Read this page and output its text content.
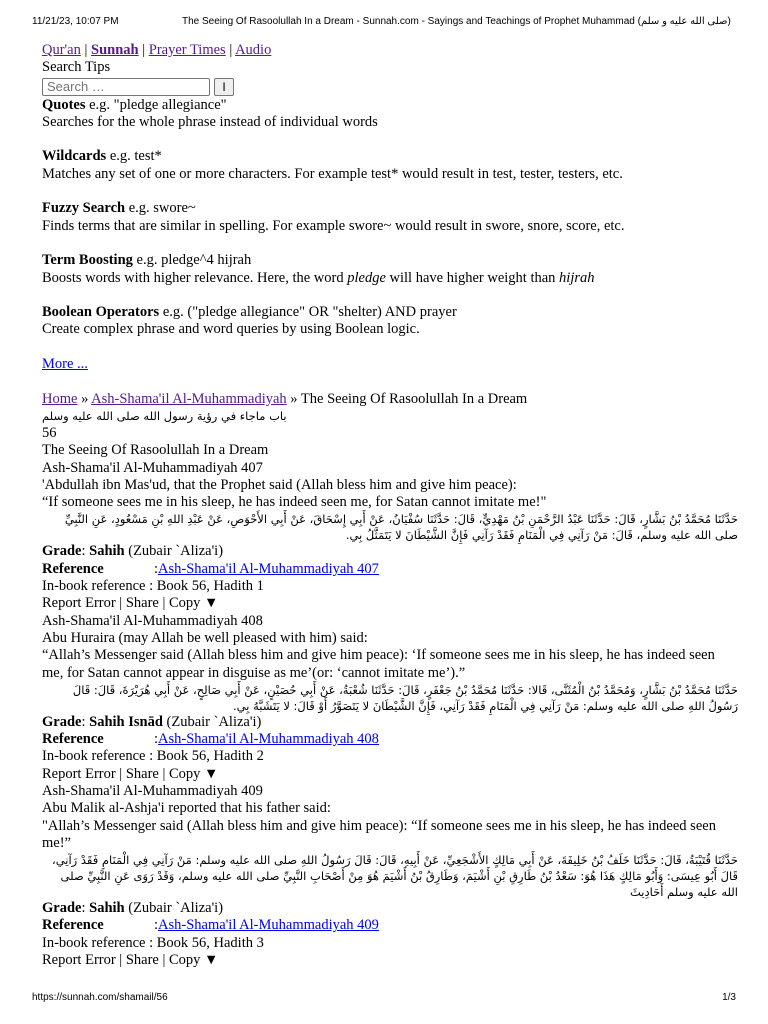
11/21/23, 10:07 PM	The Seeing Of Rasoolullah In a Dream - Sunnah.com - Sayings and Teachings of Prophet Muhammad (صلى الله عليه و سلم)
Qur'an | Sunnah | Prayer Times | Audio
Search Tips
Search …
I
Quotes e.g. "pledge allegiance"
Searches for the whole phrase instead of individual words
Wildcards e.g. test*
Matches any set of one or more characters. For example test* would result in test, tester, testers, etc.
Fuzzy Search e.g. swore~
Finds terms that are similar in spelling. For example swore~ would result in swore, snore, score, etc.
Term Boosting e.g. pledge^4 hijrah
Boosts words with higher relevance. Here, the word pledge will have higher weight than hijrah
Boolean Operators e.g. ("pledge allegiance" OR "shelter) AND prayer
Create complex phrase and word queries by using Boolean logic.
More ...
Home » Ash-Shama'il Al-Muhammadiyah » The Seeing Of Rasoolullah In a Dream
باب ماجاء في رؤية رسول الله صلى الله عليه وسلم
56
The Seeing Of Rasoolullah In a Dream
Ash-Shama'il Al-Muhammadiyah 407
'Abdullah ibn Mas'ud, that the Prophet said (Allah bless him and give him peace):
“If someone sees me in his sleep, he has indeed seen me, for Satan cannot imitate me!"
حَدَّثَنَا مُحَمَّدُ بْنُ بَشَّارٍ، قَالَ: حَدَّثَنَا عَبْدُ الرَّحْمَنِ بْنُ مَهْدِيٍّ، قَالَ: حَدَّثَنَا سُفْيَانُ، عَنْ أَبِي إِسْحَاقَ، عَنْ أَبِي الأَحْوَصِ، عَنْ عَبْدِ اللهِ بْنِ مَسْعُودٍ، عَنِ النَّبِيِّ صلى الله عليه وسلم، قَالَ: مَنْ رَآنِي فِي الْمَنَامِ فَقَدْ رَآنِي فَإِنَّ الشَّيْطَانَ لا يَتَمَثَّلُ بِي.
Grade: Sahih (Zubair `Aliza'i)
Reference	: Ash-Shama'il Al-Muhammadiyah 407
In-book reference : Book 56, Hadith 1
Report Error | Share | Copy ▼
Ash-Shama'il Al-Muhammadiyah 408
Abu Huraira (may Allah be well pleased with him) said:
“Allah’s Messenger said (Allah bless him and give him peace): ‘If someone sees me in his sleep, he has indeed seen me, for Satan cannot appear in disguise as me’(or: ‘cannot imitate me’).”
حَدَّثَنَا مُحَمَّدُ بْنُ بَشَّارٍ، وَمُحَمَّدُ بْنُ الْمُثَنَّى، قَالا: حَدَّثَنَا مُحَمَّدُ بْنُ جَعْفَرٍ، قَالَ: حَدَّثَنَا شُعْبَةُ، عَنْ أَبِي حُصَيْنٍ، عَنْ أَبِي صَالِحٍ، عَنْ أَبِي هُرَيْرَةَ، قَالَ: قَالَ رَسُولُ اللهِ صلى الله عليه وسلم: مَنْ رَآنِي فِي الْمَنَامِ فَقَدْ رَآنِي، فَإِنَّ الشَّيْطَانَ لا يَتَصَوَّرُ أَوْ قَالَ: لا يَتَشَبَّهُ بِي.
Grade: Sahih Isnād (Zubair `Aliza'i)
Reference	: Ash-Shama'il Al-Muhammadiyah 408
In-book reference : Book 56, Hadith 2
Report Error | Share | Copy ▼
Ash-Shama'il Al-Muhammadiyah 409
Abu Malik al-Ashja'i reported that his father said:
"Allah’s Messenger said (Allah bless him and give him peace): “If someone sees me in his sleep, he has indeed seen me!”
حَدَّثَنَا قُتَيْبَةُ، قَالَ: حَدَّثَنَا خَلَفُ بْنُ خَلِيفَةَ، عَنْ أَبِي مَالِكٍ الأَشْجَعِيِّ، عَنْ أَبِيهِ، قَالَ: قَالَ رَسُولُ اللهِ صلى الله عليه وسلم: مَنْ رَآنِي فِي الْمَنَامِ فَقَدْ رَآنِي، قَالَ أَبُو عِيسَى: وَأَبُو مَالِكٍ هَذَا هُوَ: سَعْدُ بْنُ طَارِقِ بْنِ أَشْيَمَ، وَطَارِقُ بْنُ أَشْيَمَ هُوَ مِنْ أَصْحَابِ النَّبِيِّ صلى الله عليه وسلم، وَقَدْ رَوَى عَنِ النَّبِيِّ صلى الله عليه وسلم أَحَادِيثَ
Grade: Sahih (Zubair `Aliza'i)
Reference	: Ash-Shama'il Al-Muhammadiyah 409
In-book reference : Book 56, Hadith 3
Report Error | Share | Copy ▼
https://sunnah.com/shamail/56	1/3
